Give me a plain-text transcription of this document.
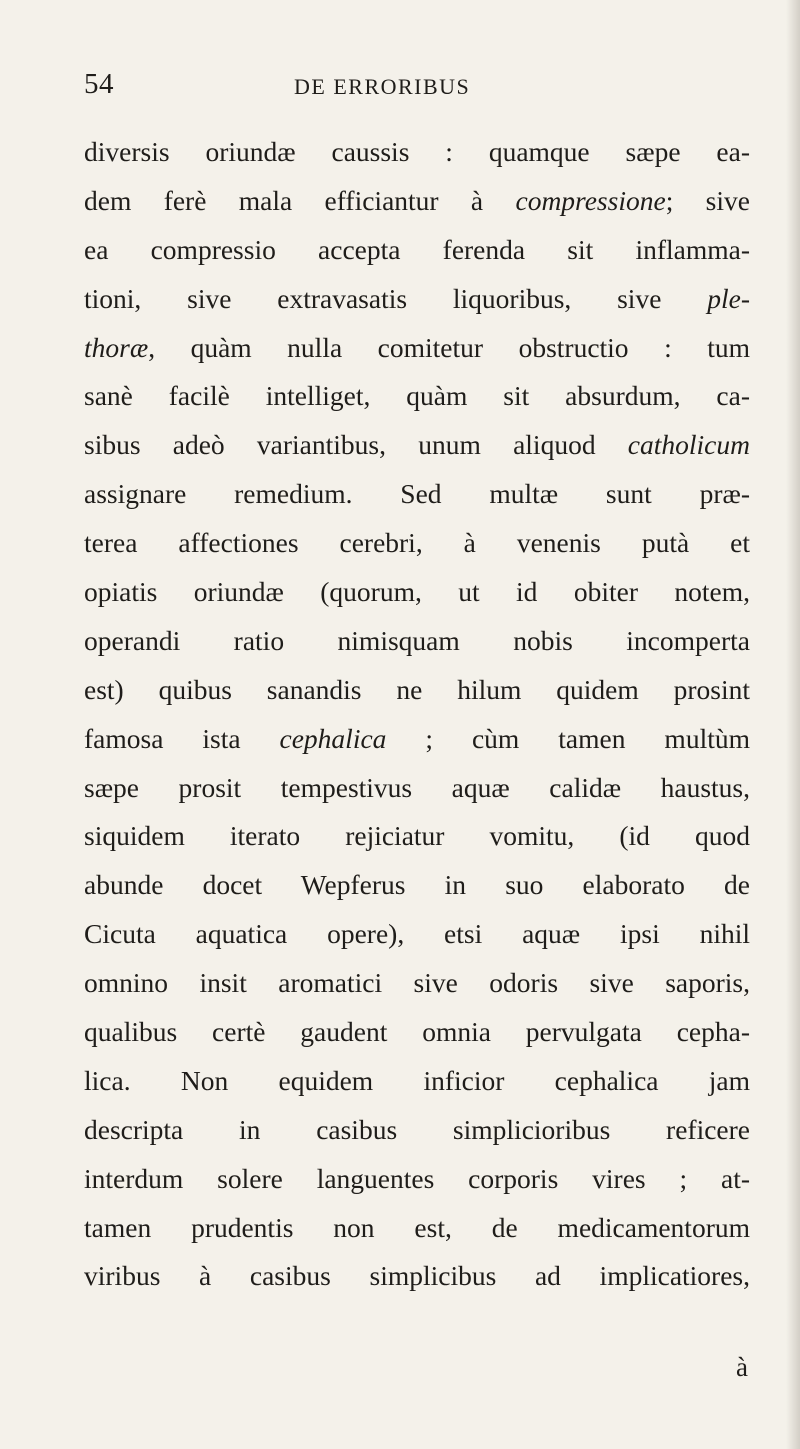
54	DE ERRORIBUS
diversis oriundæ caussis : quamque sæpe ea-
dem ferè mala efficiantur à compressione; sive
ea compressio accepta ferenda sit inflamma-
tioni, sive extravasatis liquoribus, sive ple-
thoræ, quàm nulla comitetur obstructio : tum
sanè facilè intelliget, quàm sit absurdum, ca-
sibus adeò variantibus, unum aliquod catholicum
assignare remedium. Sed multæ sunt præ-
terea affectiones cerebri, à venenis putà et
opiatis oriundæ (quorum, ut id obiter notem,
operandi ratio nimisquam nobis incomperta
est) quibus sanandis ne hilum quidem prosint
famosa ista cephalica ; cùm tamen multùm
sæpe prosit tempestivus aquæ calidæ haustus,
siquidem iterato rejiciatur vomitu, (id quod
abunde docet Wepferus in suo elaborato de
Cicuta aquatica opere), etsi aquæ ipsi nihil
omnino insit aromatici sive odoris sive saporis,
qualibus certè gaudent omnia pervulgata cepha-
lica. Non equidem inficior cephalica jam
descripta in casibus simplicioribus reficere
interdum solere languentes corporis vires ; at-
tamen prudentis non est, de medicamentorum
viribus à casibus simplicibus ad implicatiores,
à
